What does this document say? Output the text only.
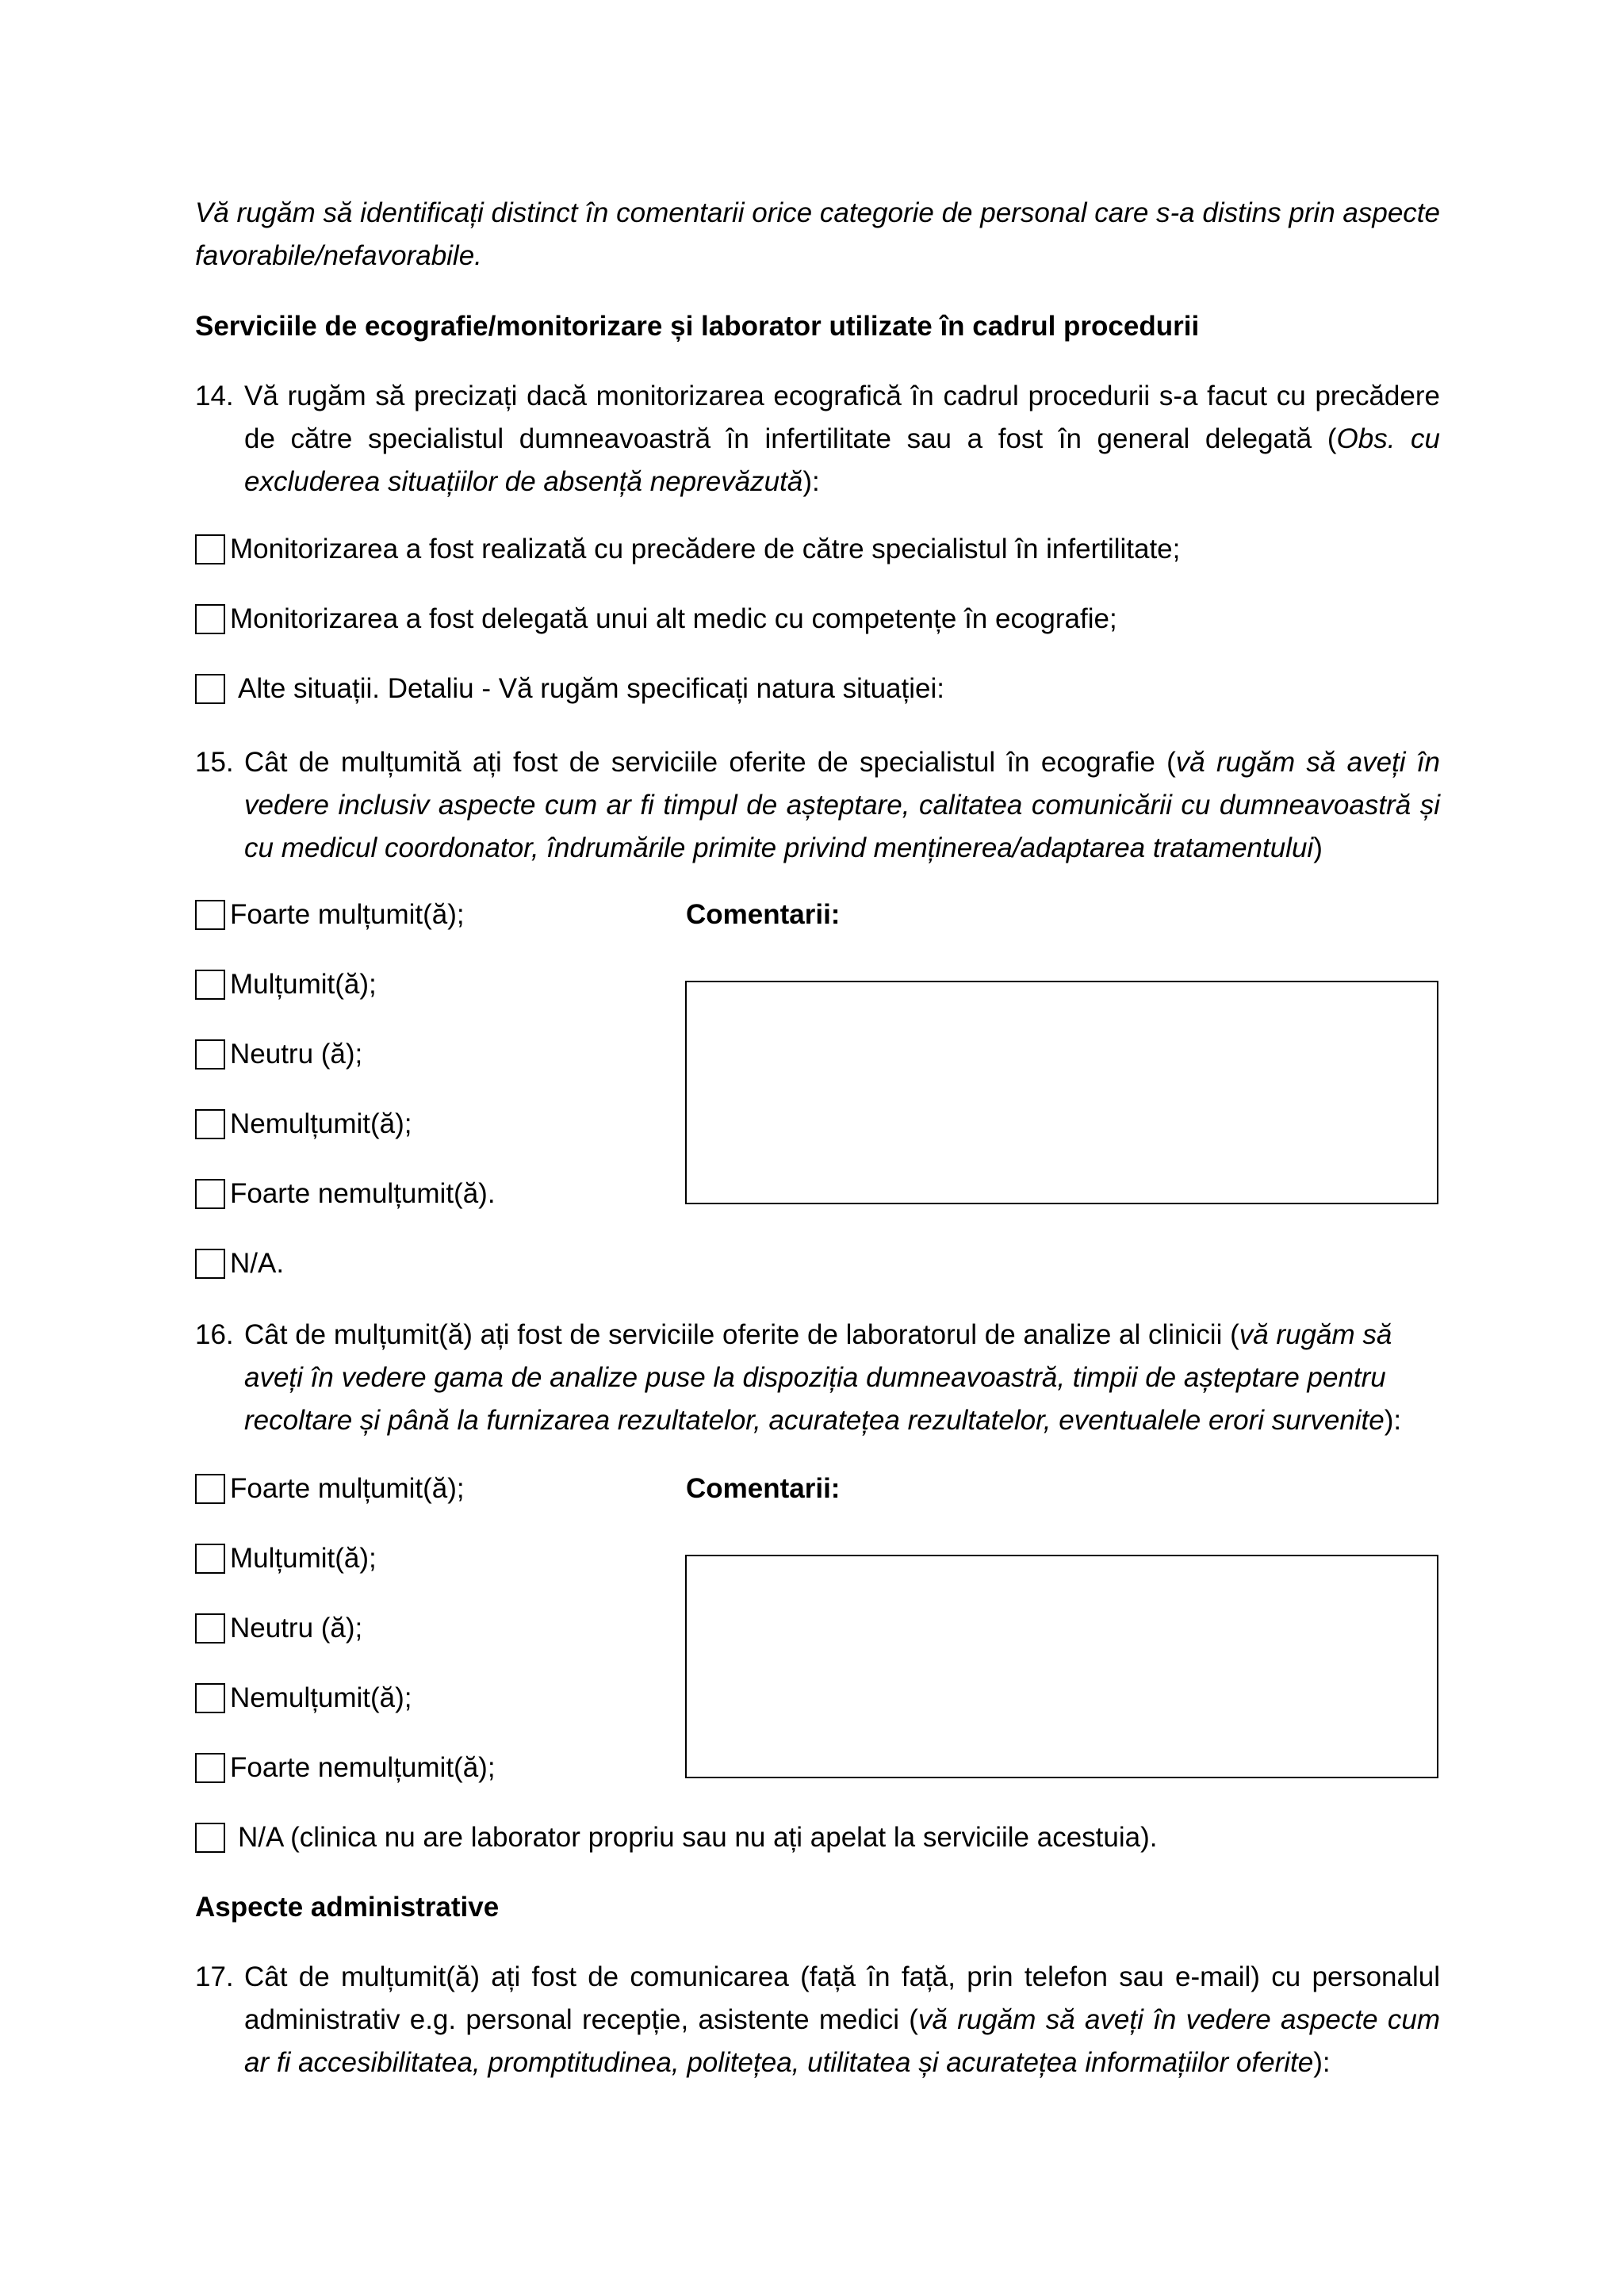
Vă rugăm să identificați distinct în comentarii orice categorie de personal care s-a distins prin aspecte favorabile/nefavorabile.
Serviciile de ecografie/monitorizare și laborator utilizate în cadrul procedurii
14. Vă rugăm să precizați dacă monitorizarea ecografică în cadrul procedurii s-a facut cu precădere de către specialistul dumneavoastră în infertilitate sau a fost în general delegată (Obs. cu excluderea situațiilor de absență neprevăzută):
Monitorizarea a fost realizată cu precădere de către specialistul în infertilitate;
Monitorizarea a fost delegată unui alt medic cu competențe în ecografie;
Alte situații. Detaliu - Vă rugăm specificați natura situației:
15. Cât de mulțumită ați fost de serviciile oferite de specialistul în ecografie (vă rugăm să aveți în vedere inclusiv aspecte cum ar fi timpul de așteptare, calitatea comunicării cu dumneavoastră și cu medicul coordonator, îndrumările primite privind menținerea/adaptarea tratamentului)
Foarte mulțumit(ă);
Mulțumit(ă);
Neutru (ă);
Nemulțumit(ă);
Foarte nemulțumit(ă).
N/A.
Comentarii:
16. Cât de mulțumit(ă) ați fost de serviciile oferite de laboratorul de analize al clinicii (vă rugăm să aveți în vedere gama de analize puse la dispoziția dumneavoastră, timpii de așteptare pentru recoltare și până la furnizarea rezultatelor, acuratețea rezultatelor, eventualele erori survenite):
Foarte mulțumit(ă);
Mulțumit(ă);
Neutru (ă);
Nemulțumit(ă);
Foarte nemulțumit(ă);
N/A (clinica nu are laborator propriu sau nu ați apelat la serviciile acestuia).
Comentarii:
Aspecte administrative
17. Cât de mulțumit(ă) ați fost de comunicarea (față în față, prin telefon sau e-mail) cu personalul administrativ e.g. personal recepție, asistente medici (vă rugăm să aveți în vedere aspecte cum ar fi accesibilitatea, promptitudinea, politețea, utilitatea și acuratețea informațiilor oferite):
